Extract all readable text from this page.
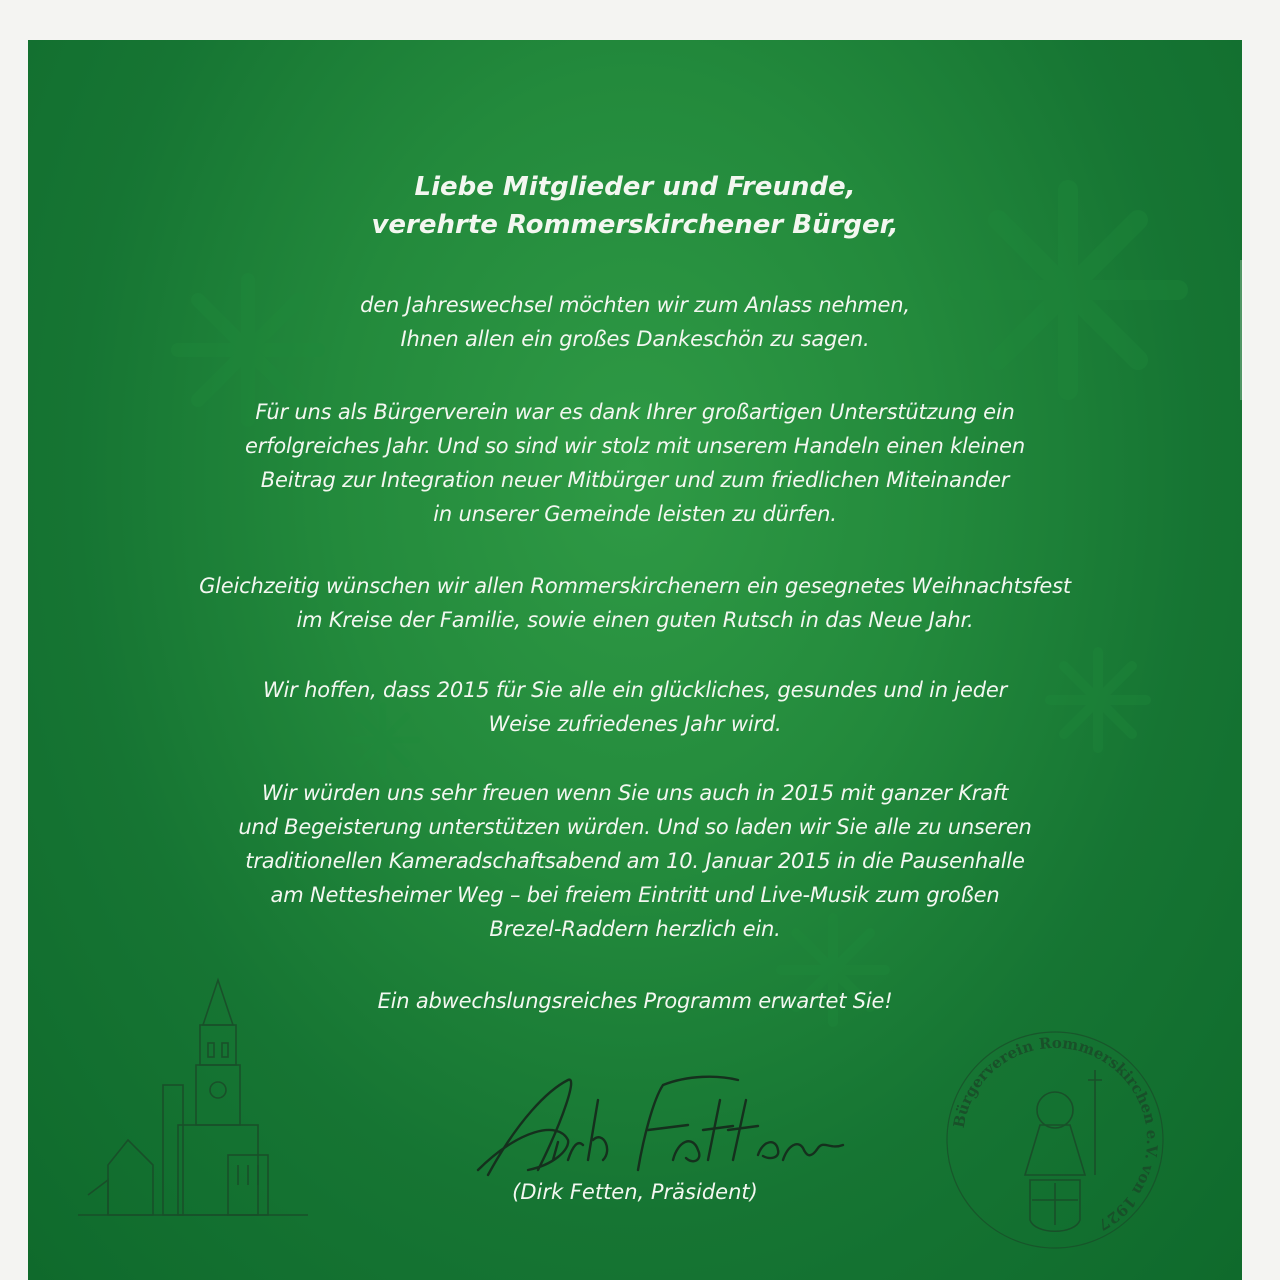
Liebe Mitglieder und Freunde,
verehrte Rommerskirchener Bürger,
den Jahreswechsel möchten wir zum Anlass nehmen,
Ihnen allen ein großes Dankeschön zu sagen.
Für uns als Bürgerverein war es dank Ihrer großartigen Unterstützung ein
erfolgreiches Jahr. Und so sind wir stolz mit unserem Handeln einen kleinen
Beitrag zur Integration neuer Mitbürger und zum friedlichen Miteinander
in unserer Gemeinde leisten zu dürfen.
Gleichzeitig wünschen wir allen Rommerskirchenern ein gesegnetes Weihnachtsfest
im Kreise der Familie, sowie einen guten Rutsch in das Neue Jahr.
Wir hoffen, dass 2015 für Sie alle ein glückliches, gesundes und in jeder
Weise zufriedenes Jahr wird.
Wir würden uns sehr freuen wenn Sie uns auch in 2015 mit ganzer Kraft
und Begeisterung unterstützen würden. Und so laden wir Sie alle zu unseren
traditionellen Kameradschaftsabend am 10. Januar 2015 in die Pausenhalle
am Nettesheimer Weg – bei freiem Eintritt und Live-Musik zum großen
Brezel-Raddern herzlich ein.
Ein abwechslungsreiches Programm erwartet Sie!
(Dirk Fetten, Präsident)
Bürgerverein Rommerskirchen e.V. von 1927
